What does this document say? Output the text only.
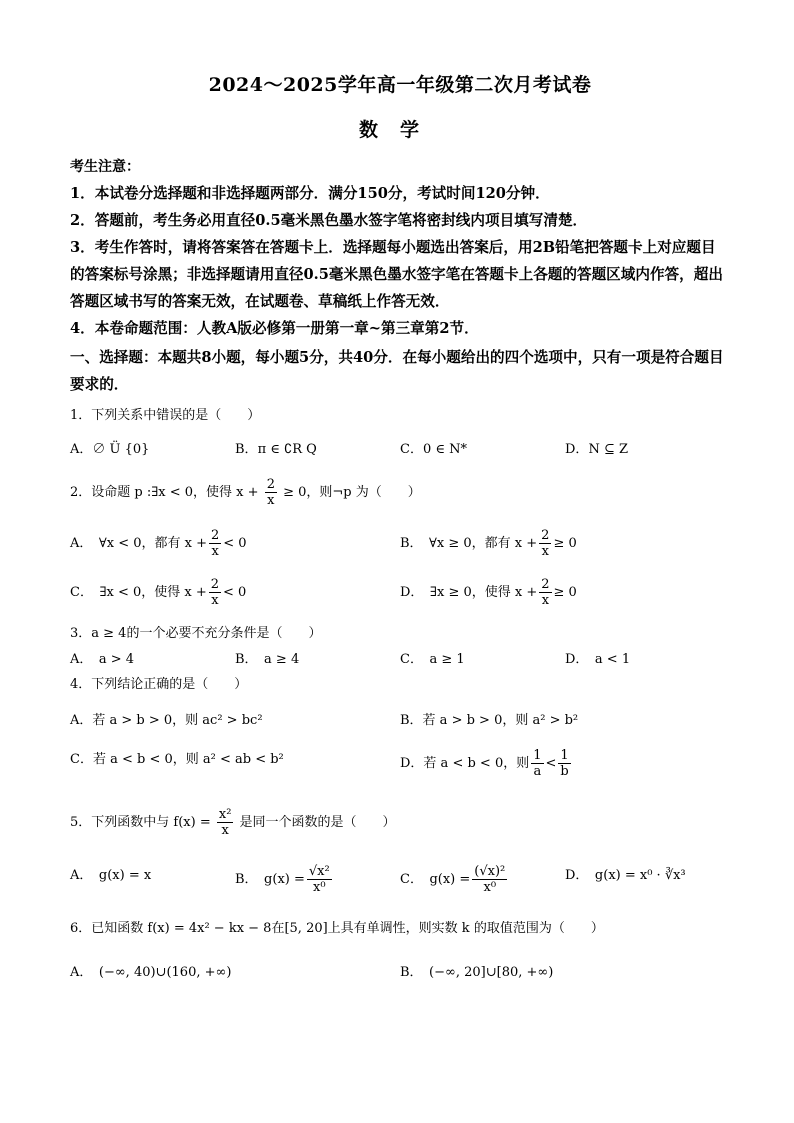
2024～2025学年高一年级第二次月考试卷
数学
考生注意：

1．本试卷分选择题和非选择题两部分．满分150分，考试时间120分钟．

2．答题前，考生务必用直径0.5毫米黑色墨水签字笔将密封线内项目填写清楚．

3．考生作答时，请将答案答在答题卡上．选择题每小题选出答案后，用2B铅笔把答题卡上对应题目的答案标号涂黑；非选择题请用直径0.5毫米黑色墨水签字笔在答题卡上各题的答题区域内作答，超出答题区域书写的答案无效，在试题卷、草稿纸上作答无效．

4．本卷命题范围：人教A版必修第一册第一章~第三章第2节．

一、选择题：本题共8小题，每小题5分，共40分．在每小题给出的四个选项中，只有一项是符合题目要求的．

1．下列关系中错误的是（　　）
A．∅ Ü {0}	B．π ∈ ∁R Q	C．0 ∈ N*	D．N ⊆ Z
2．设命题 p :∃x < 0，使得 $x + \frac{2}{x} \ge 0$，则¬p 为（　　）
A．　∀x < 0，都有 $x + \frac{2}{x} < 0$	B．　∀x ≥ 0，都有 $x + \frac{2}{x} \ge 0$
C．　∃x < 0，使得 $x + \frac{2}{x} < 0$	D．　∃x ≥ 0，使得 $x + \frac{2}{x} \ge 0$
3．a ≥ 4的一个必要不充分条件是（　　）
A．　a > 4	B．　a ≥ 4	C．　a ≥ 1	D．　a < 1
4．下列结论正确的是（　　）
A．若 a > b > 0，则 ac² > bc²	B．若 a > b > 0，则 a² > b²
C．若 a < b < 0，则 a² < ab < b²	D．若 a < b < 0，则 $\frac{1}{a} < \frac{1}{b}$
5．下列函数中与 $f(x) = \frac{\text{x²}}{x}$ 是同一个函数的是（　　）
A．　g(x) = x	B．　$g(x) = \frac{\text{√x²}}{\text{x⁰}}$	C．　$g(x) = \frac{\text{(√x)²}}{\text{x⁰}}$	D．　g(x) = x⁰ · ∛x³
6．已知函数 f(x) = 4x² − kx − 8在[5, 20]上具有单调性，则实数 k 的取值范围为（　　）
A．　(−∞, 40)∪(160, +∞)	B．　(−∞, 20]∪[80, +∞)
